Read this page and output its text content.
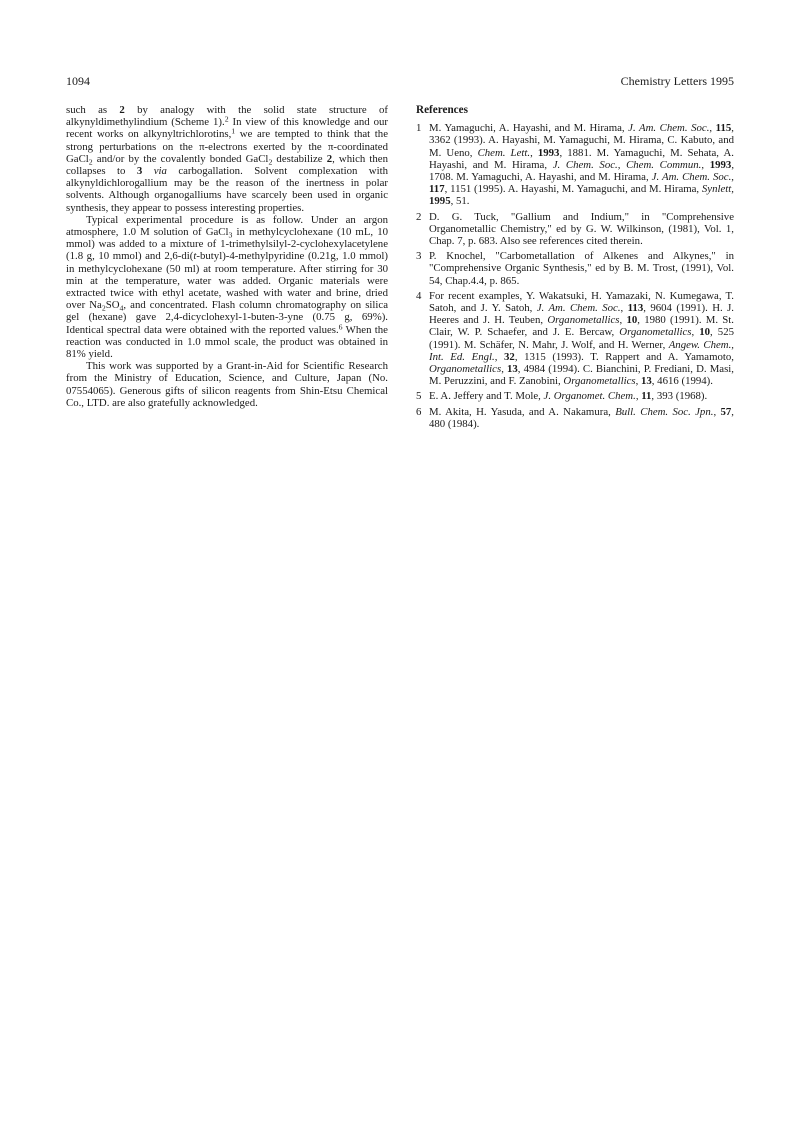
1094	Chemistry Letters 1995

such as 2 by analogy with the solid state structure of alkynyldimethylindium (Scheme 1).$^2$ In view of this knowledge and our recent works on alkynyltrichlorotins,$^1$ we are tempted to think that the strong perturbations on the π-electrons exerted by the π-coordinated GaCl$_2$ and/or by the covalently bonded GaCl$_2$ destabilize 2, which then collapses to 3 via carbogallation. Solvent complexation with alkynyldichlorogallium may be the reason of the inertness in polar solvents. Although organogalliums have scarcely been used in organic synthesis, they appear to possess interesting properties.

Typical experimental procedure is as follow. Under an argon atmosphere, 1.0 M solution of GaCl$_3$ in methylcyclohexane (10 mL, 10 mmol) was added to a mixture of 1-trimethylsilyl-2-cyclohexylacetylene (1.8 g, 10 mmol) and 2,6-di(t-butyl)-4-methylpyridine (0.21g, 1.0 mmol) in methylcyclohexane (50 ml) at room temperature. After stirring for 30 min at the temperature, water was added. Organic materials were extracted twice with ethyl acetate, washed with water and brine, dried over $Na_2SO_4$, and concentrated. Flash column chromatography on silica gel (hexane) gave 2,4-dicyclohexyl-1-buten-3-yne (0.75 g, 69%). Identical spectral data were obtained with the reported values.$^6$ When the reaction was conducted in 1.0 mmol scale, the product was obtained in 81% yield.

This work was supported by a Grant-in-Aid for Scientific Research from the Ministry of Education, Science, and Culture, Japan (No. 07554065). Generous gifts of silicon reagents from Shin-Etsu Chemical Co., LTD. are also gratefully acknowledged.

References
1 M. Yamaguchi, A. Hayashi, and M. Hirama, J. Am. Chem. Soc., 115, 3362 (1993). A. Hayashi, M. Yamaguchi, M. Hirama, C. Kabuto, and M. Ueno, Chem. Lett., 1993, 1881. M. Yamaguchi, M. Sehata, A. Hayashi, and M. Hirama, J. Chem. Soc., Chem. Commun., 1993, 1708. M. Yamaguchi, A. Hayashi, and M. Hirama, J. Am. Chem. Soc., 117, 1151 (1995). A. Hayashi, M. Yamaguchi, and M. Hirama, Synlett, 1995, 51.
2 D. G. Tuck, "Gallium and Indium," in "Comprehensive Organometallic Chemistry," ed by G. W. Wilkinson, (1981), Vol. 1, Chap. 7, p. 683. Also see references cited therein.
3 P. Knochel, "Carbometallation of Alkenes and Alkynes," in "Comprehensive Organic Synthesis," ed by B. M. Trost, (1991), Vol. 54, Chap.4.4, p. 865.
4 For recent examples, Y. Wakatsuki, H. Yamazaki, N. Kumegawa, T. Satoh, and J. Y. Satoh, J. Am. Chem. Soc., 113, 9604 (1991). H. J. Heeres and J. H. Teuben, Organometallics, 10, 1980 (1991). M. St. Clair, W. P. Schaefer, and J. E. Bercaw, Organometallics, 10, 525 (1991). M. Schäfer, N. Mahr, J. Wolf, and H. Werner, Angew. Chem., Int. Ed. Engl., 32, 1315 (1993). T. Rappert and A. Yamamoto, Organometallics, 13, 4984 (1994). C. Bianchini, P. Frediani, D. Masi, M. Peruzzini, and F. Zanobini, Organometallics, 13, 4616 (1994).
5 E. A. Jeffery and T. Mole, J. Organomet. Chem., 11, 393 (1968).
6 M. Akita, H. Yasuda, and A. Nakamura, Bull. Chem. Soc. Jpn., 57, 480 (1984).
